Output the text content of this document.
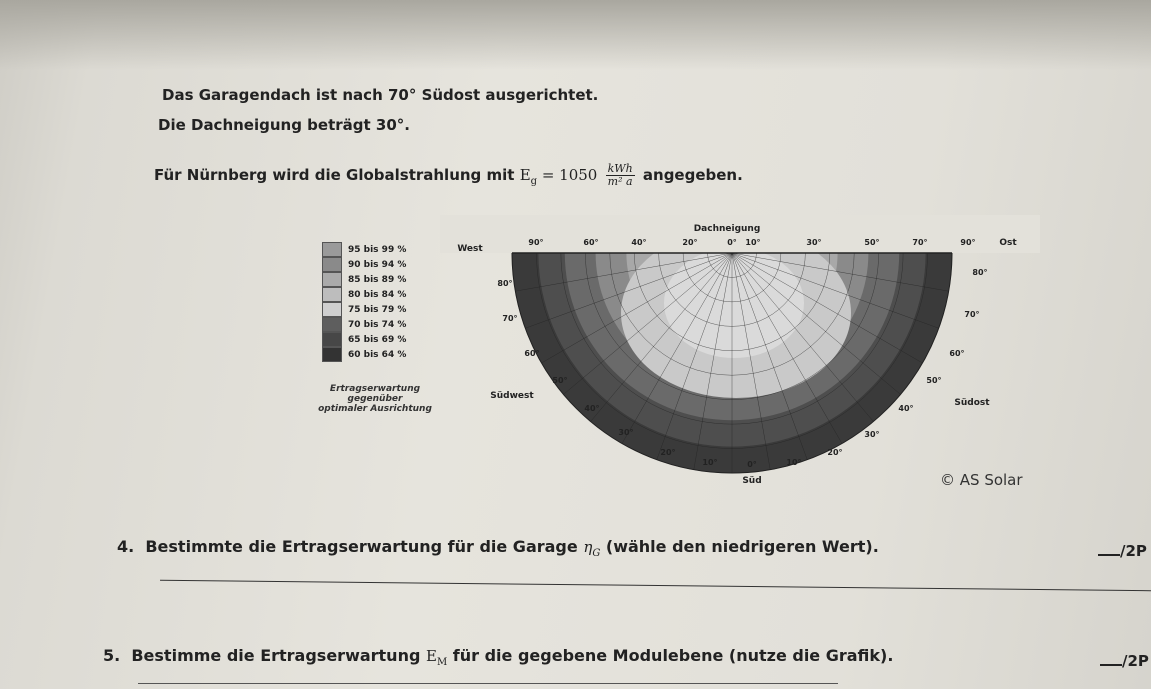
Das Garagendach ist nach 70° Südost ausgerichtet.
Die Dachneigung beträgt 30°.
Für Nürnberg wird die Globalstrahlung mit $E_g = 1050 \frac{\text{kWh}}{\text{m² a}}$ angegeben.
95 bis 99 %
90 bis 94 %
85 bis 89 %
80 bis 84 %
75 bis 79 %
70 bis 74 %
65 bis 69 %
60 bis 64 %
Ertragserwartung
gegenüber
optimaler Ausrichtung
Dachneigung
90°	60°	40°	20°	0° 10°	30°	50°	70°	90°
West
Ost
80°
70°
60°
50°
40°
30°
20°
10°
80°
70°
60°
50°
40°
30°
20°
10°
0°
Südwest
Südost
Süd	© AS Solar
4. Bestimmte die Ertragserwartung für die Garage $\eta_G$ (wähle den niedrigeren Wert).	/2P
5. Bestimme die Ertragserwartung $E_M$ für die gegebene Modulebene (nutze die Grafik).	/2P
